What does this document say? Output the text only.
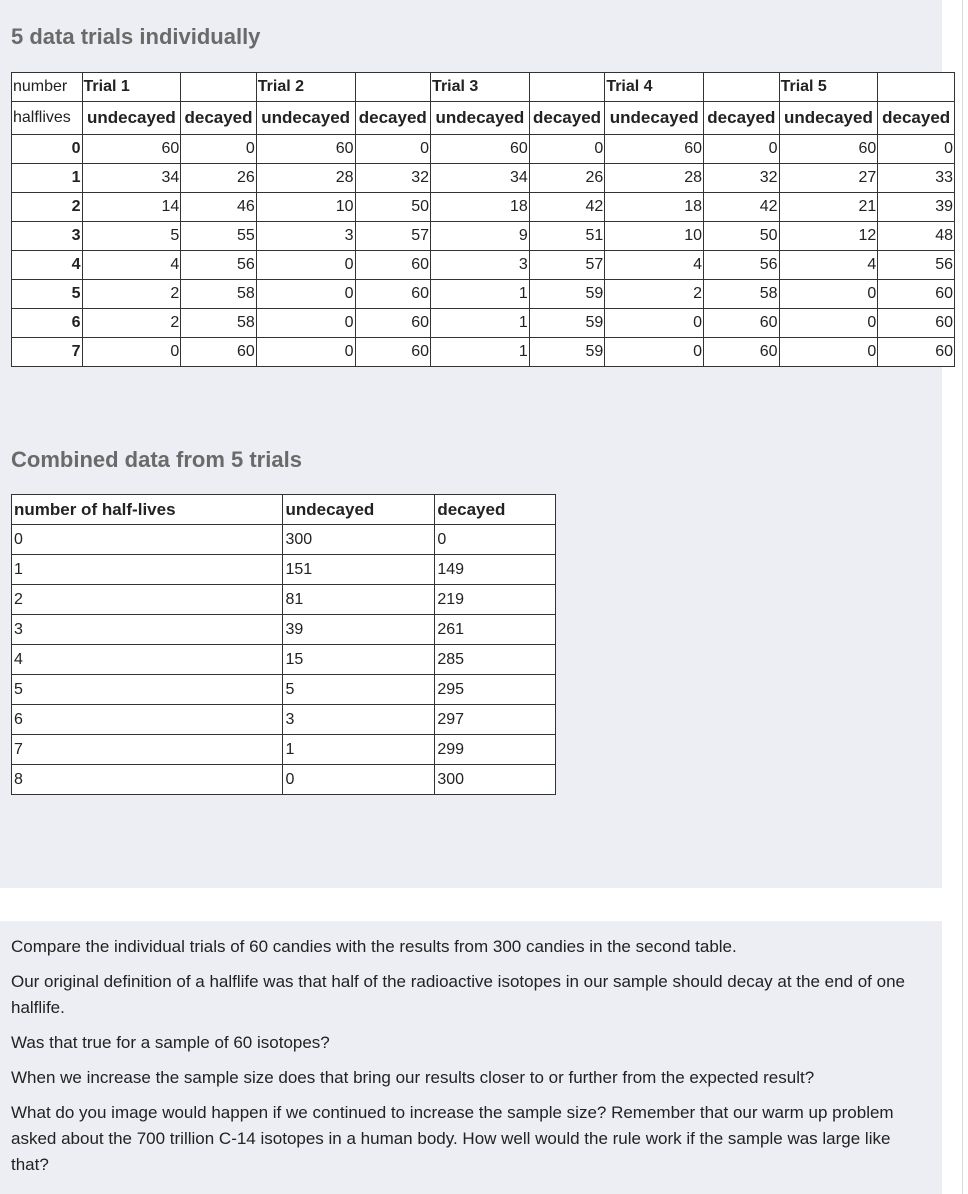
5 data trials individually
number	Trial 1		Trial 2		Trial 3		Trial 4		Trial 5	
halflives	undecayed	decayed	undecayed	decayed	undecayed	decayed	undecayed	decayed	undecayed	decayed
0	60	0	60	0	60	0	60	0	60	0
1	34	26	28	32	34	26	28	32	27	33
2	14	46	10	50	18	42	18	42	21	39
3	5	55	3	57	9	51	10	50	12	48
4	4	56	0	60	3	57	4	56	4	56
5	2	58	0	60	1	59	2	58	0	60
6	2	58	0	60	1	59	0	60	0	60
7	0	60	0	60	1	59	0	60	0	60
Combined data from 5 trials
number of half-lives	undecayed	decayed
0	300	0
1	151	149
2	81	219
3	39	261
4	15	285
5	5	295
6	3	297
7	1	299
8	0	300

Compare the individual trials of 60 candies with the results from 300 candies in the second table.

Our original definition of a halflife was that half of the radioactive isotopes in our sample should decay at the end of one halflife.

Was that true for a sample of 60 isotopes?

When we increase the sample size does that bring our results closer to or further from the expected result?

What do you image would happen if we continued to increase the sample size? Remember that our warm up problem asked about the 700 trillion C-14 isotopes in a human body. How well would the rule work if the sample was large like that?
